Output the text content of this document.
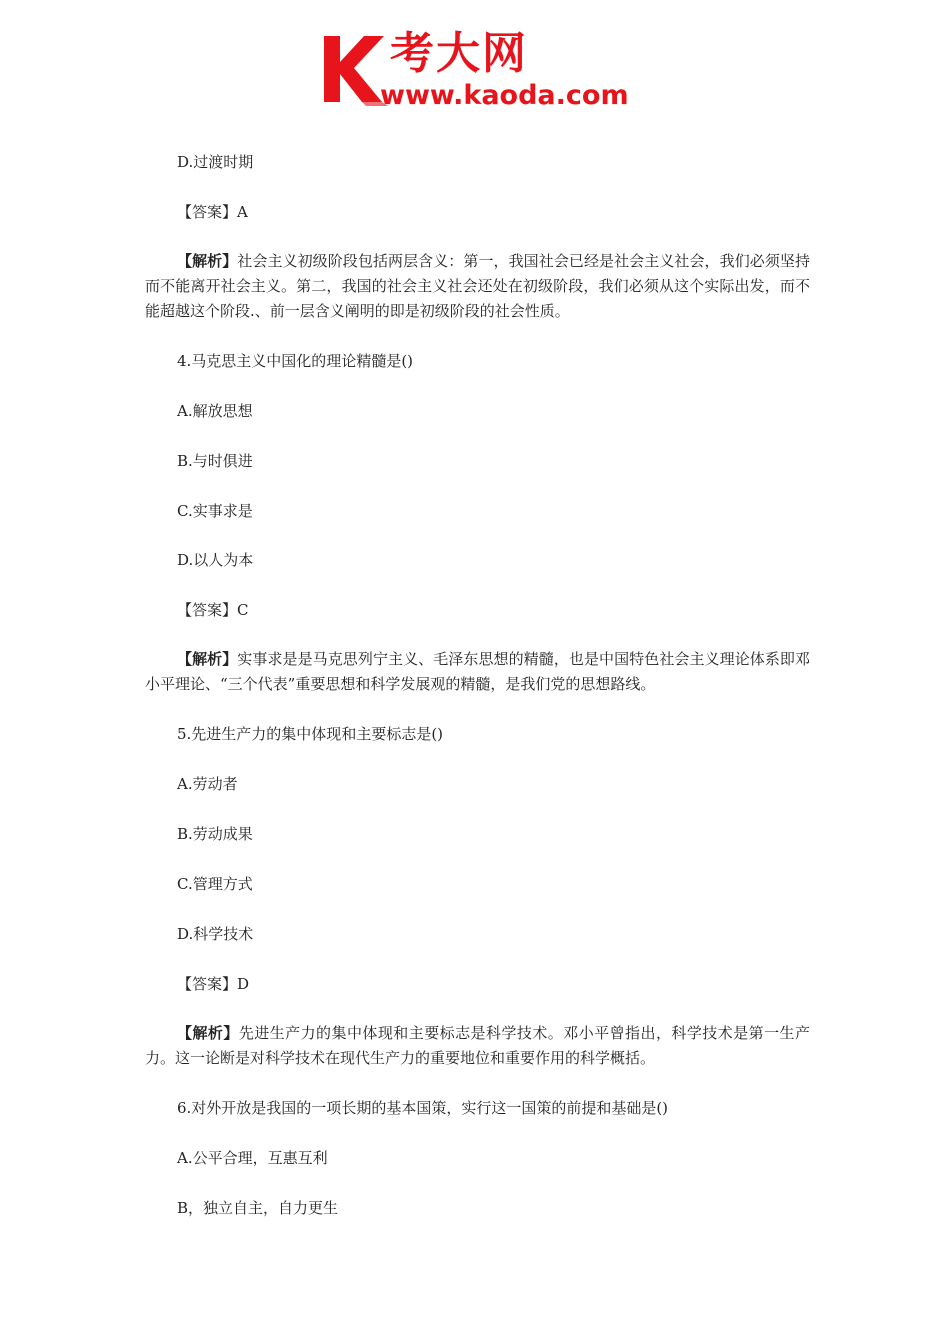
考大网
www.kaoda.com
D.过渡时期
【答案】A
【解析】社会主义初级阶段包括两层含义：第一，我国社会已经是社会主义社会，我们必须坚持而不能离开社会主义。第二，我国的社会主义社会还处在初级阶段，我们必须从这个实际出发，而不能超越这个阶段.、前一层含义阐明的即是初级阶段的社会性质。
4.马克思主义中国化的理论精髓是()
A.解放思想
B.与时俱进
C.实事求是
D.以人为本
【答案】C
【解析】实事求是是马克思列宁主义、毛泽东思想的精髓，也是中国特色社会主义理论体系即邓小平理论、“三个代表”重要思想和科学发展观的精髓，是我们党的思想路线。
5.先进生产力的集中体现和主要标志是()
A.劳动者
B.劳动成果
C.管理方式
D.科学技术
【答案】D
【解析】先进生产力的集中体现和主要标志是科学技术。邓小平曾指出，科学技术是第一生产力。这一论断是对科学技术在现代生产力的重要地位和重要作用的科学概括。
6.对外开放是我国的一项长期的基本国策，实行这一国策的前提和基础是()
A.公平合理，互惠互利
B，独立自主，自力更生
